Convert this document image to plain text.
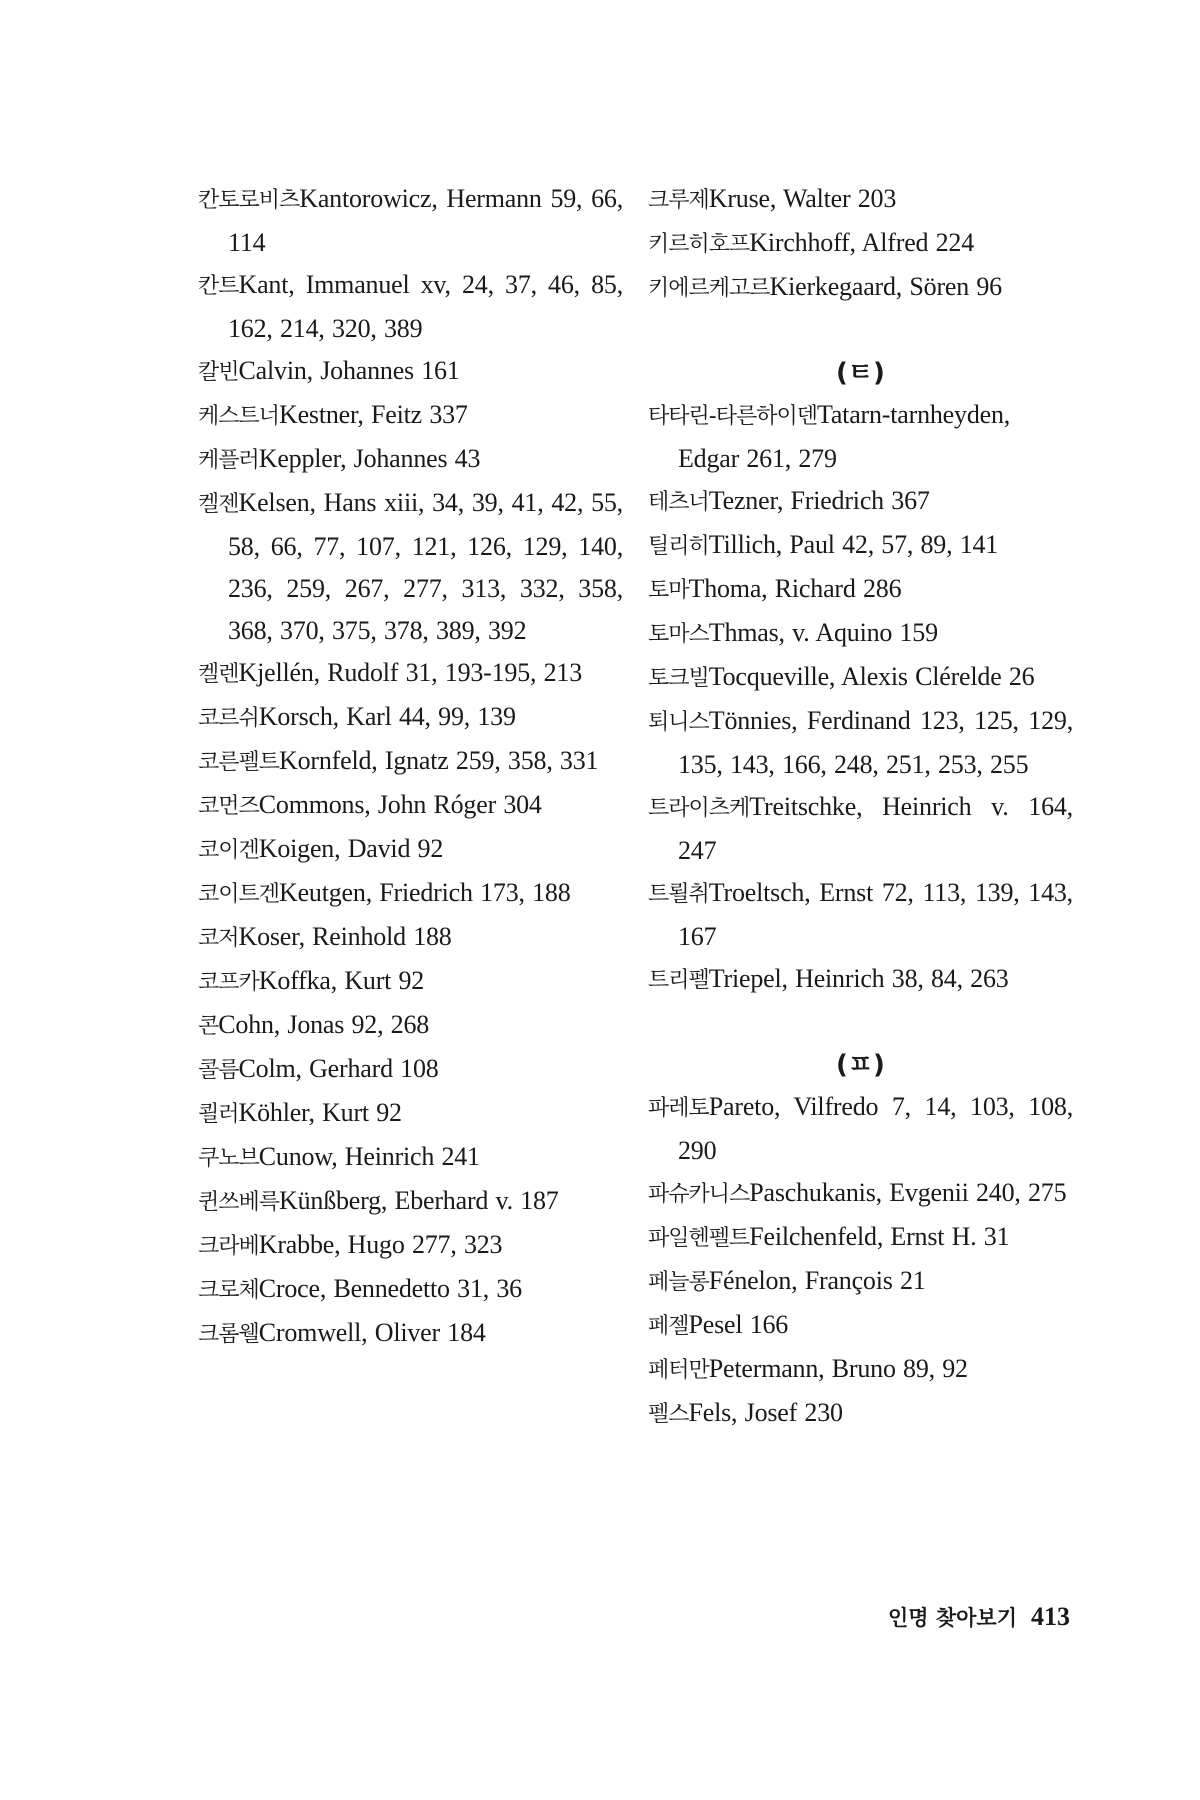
칸토로비츠Kantorowicz, Hermann 59, 66, 114
칸트Kant, Immanuel xv, 24, 37, 46, 85, 162, 214, 320, 389
칼빈Calvin, Johannes 161
케스트너Kestner, Feitz 337
케플러Keppler, Johannes 43
켈젠Kelsen, Hans xiii, 34, 39, 41, 42, 55, 58, 66, 77, 107, 121, 126, 129, 140, 236, 259, 267, 277, 313, 332, 358, 368, 370, 375, 378, 389, 392
켈렌Kjellén, Rudolf 31, 193-195, 213
코르쉬Korsch, Karl 44, 99, 139
코른펠트Kornfeld, Ignatz 259, 358, 331
코먼즈Commons, John Róger 304
코이겐Koigen, David 92
코이트겐Keutgen, Friedrich 173, 188
코저Koser, Reinhold 188
코프카Koffka, Kurt 92
콘Cohn, Jonas 92, 268
콜름Colm, Gerhard 108
쾰러Köhler, Kurt 92
쿠노브Cunow, Heinrich 241
퀸쓰베륵Künßberg, Eberhard v. 187
크라베Krabbe, Hugo 277, 323
크로체Croce, Bennedetto 31, 36
크롬웰Cromwell, Oliver 184
크루제Kruse, Walter 203
키르히호프Kirchhoff, Alfred 224
키에르케고르Kierkegaard, Sören 96
(ㅌ)
타타린-타른하이덴Tatarn-tarnheyden, Edgar 261, 279
테츠너Tezner, Friedrich 367
틸리히Tillich, Paul 42, 57, 89, 141
토마Thoma, Richard 286
토마스Thmas, v. Aquino 159
토크빌Tocqueville, Alexis Clérelde 26
퇴니스Tönnies, Ferdinand 123, 125, 129, 135, 143, 166, 248, 251, 253, 255
트라이츠케Treitschke, Heinrich v. 164, 247
트뢸취Troeltsch, Ernst 72, 113, 139, 143, 167
트리펠Triepel, Heinrich 38, 84, 263
(ㅍ)
파레토Pareto, Vilfredo 7, 14, 103, 108, 290
파슈카니스Paschukanis, Evgenii 240, 275
파일헨펠트Feilchenfeld, Ernst H. 31
페늘롱Fénelon, François 21
페젤Pesel 166
페터만Petermann, Bruno 89, 92
펠스Fels, Josef 230
인명 찾아보기 413
